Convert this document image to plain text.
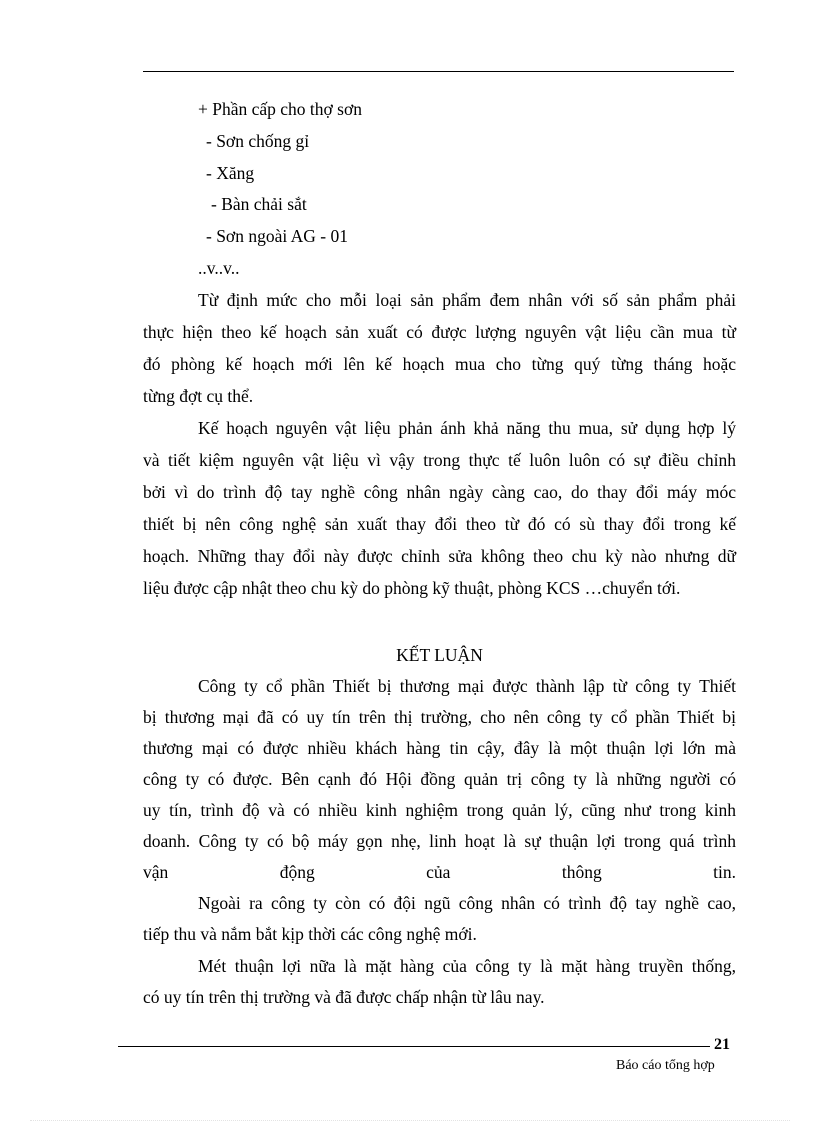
+ Phần cấp cho thợ sơn
- Sơn chống gỉ
- Xăng
- Bàn chải sắt
- Sơn ngoài AG - 01
..v..v..
Từ định mức cho mỗi loại sản phẩm đem nhân với số sản phẩm phải
thực hiện theo kế hoạch sản xuất có được lượng nguyên vật liệu cần mua từ
đó phòng kế hoạch mới lên kế hoạch mua cho từng quý từng tháng hoặc
từng đợt cụ thể.
Kế hoạch nguyên vật liệu phản ánh khả năng thu mua, sử dụng hợp lý
và tiết kiệm nguyên vật liệu vì vậy trong thực tế luôn luôn có sự điều chỉnh
bởi vì do trình độ tay nghề công nhân ngày càng cao, do thay đổi máy móc
thiết bị nên công nghệ sản xuất thay đổi theo từ đó có sù thay đổi trong kế
hoạch. Những thay đổi này được chỉnh sửa không theo chu kỳ nào nhưng dữ
liệu được cập nhật theo chu kỳ do phòng kỹ thuật, phòng KCS …chuyển tới.
KẾT LUẬN
Công ty cổ phần Thiết bị thương mại được thành lập từ công ty Thiết
bị thương mại đã có uy tín trên thị trường, cho nên công ty cổ phần Thiết bị
thương mại có được nhiều khách hàng tin cậy, đây là một thuận lợi lớn mà
công ty có được. Bên cạnh đó Hội đồng quản trị công ty là những người có
uy tín, trình độ và có nhiều kinh nghiệm trong quản lý, cũng như trong kinh
doanh. Công ty có bộ máy gọn nhẹ, linh hoạt là sự thuận lợi trong quá trình
vận động của thông tin.
Ngoài ra công ty còn có đội ngũ công nhân có trình độ tay nghề cao,
tiếp thu và nắm bắt kịp thời các công nghệ mới.
Mét thuận lợi nữa là mặt hàng của công ty là mặt hàng truyền thống,
có uy tín trên thị trường và đã được chấp nhận từ lâu nay.
21
Báo cáo tổng hợp
